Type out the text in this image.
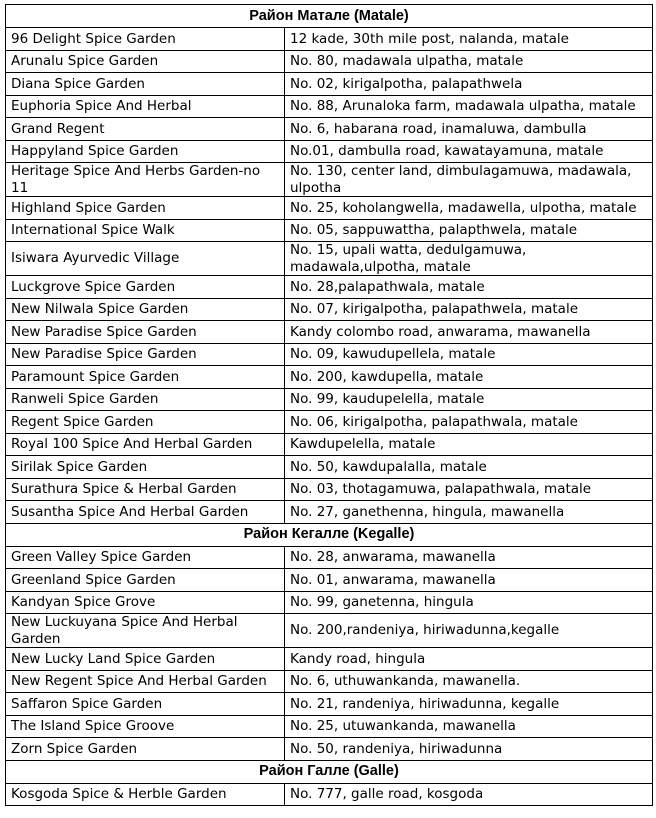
Район Матале (Matale)	
96 Delight Spice Garden	12 kade, 30th mile post, nalanda, matale
Arunalu Spice Garden	No. 80, madawala ulpatha, matale
Diana Spice Garden	No. 02, kirigalpotha, palapathwela
Euphoria Spice And Herbal	No. 88, Arunaloka farm, madawala ulpatha, matale
Grand Regent	No. 6, habarana road, inamaluwa, dambulla
Happyland Spice Garden	No.01, dambulla road, kawatayamuna, matale
Heritage Spice And Herbs Garden-no 11	No. 130, center land, dimbulagamuwa, madawala, ulpotha
Highland Spice Garden	No. 25, koholangwella, madawella, ulpotha, matale
International Spice Walk	No. 05, sappuwattha, palapthwela, matale
Isiwara Ayurvedic Village	No. 15, upali watta, dedulgamuwa, madawala,ulpotha, matale
Luckgrove Spice Garden	No. 28,palapathwala, matale
New Nilwala Spice Garden	No. 07, kirigalpotha, palapathwela, matale
New Paradise Spice Garden	Kandy colombo road, anwarama, mawanella
New Paradise Spice Garden	No. 09, kawudupellela, matale
Paramount Spice Garden	No. 200, kawdupella, matale
Ranweli Spice Garden	No. 99, kaudupelella, matale
Regent Spice Garden	No. 06, kirigalpotha, palapathwala, matale
Royal 100 Spice And Herbal Garden	Kawdupelella, matale
Sirilak Spice Garden	No. 50, kawdupalalla, matale
Surathura Spice & Herbal Garden	No. 03, thotagamuwa, palapathwala, matale
Susantha Spice And Herbal Garden	No. 27, ganethenna, hingula, mawanella
Район Кегалле (Kegalle)	
Green Valley Spice Garden	No. 28, anwarama, mawanella
Greenland Spice Garden	No. 01, anwarama, mawanella
Kandyan Spice Grove	No. 99, ganetenna, hingula
New Luckuyana Spice And Herbal Garden	No. 200,randeniya, hiriwadunna,kegalle
New Lucky Land Spice Garden	Kandy road, hingula
New Regent Spice And Herbal Garden	No. 6, uthuwankanda, mawanella.
Saffaron Spice Garden	No. 21, randeniya, hiriwadunna, kegalle
The Island Spice Groove	No. 25, utuwankanda, mawanella
Zorn Spice Garden	No. 50, randeniya, hiriwadunna
Район Галле (Galle)	
Kosgoda Spice & Herble Garden	No. 777, galle road, kosgoda
